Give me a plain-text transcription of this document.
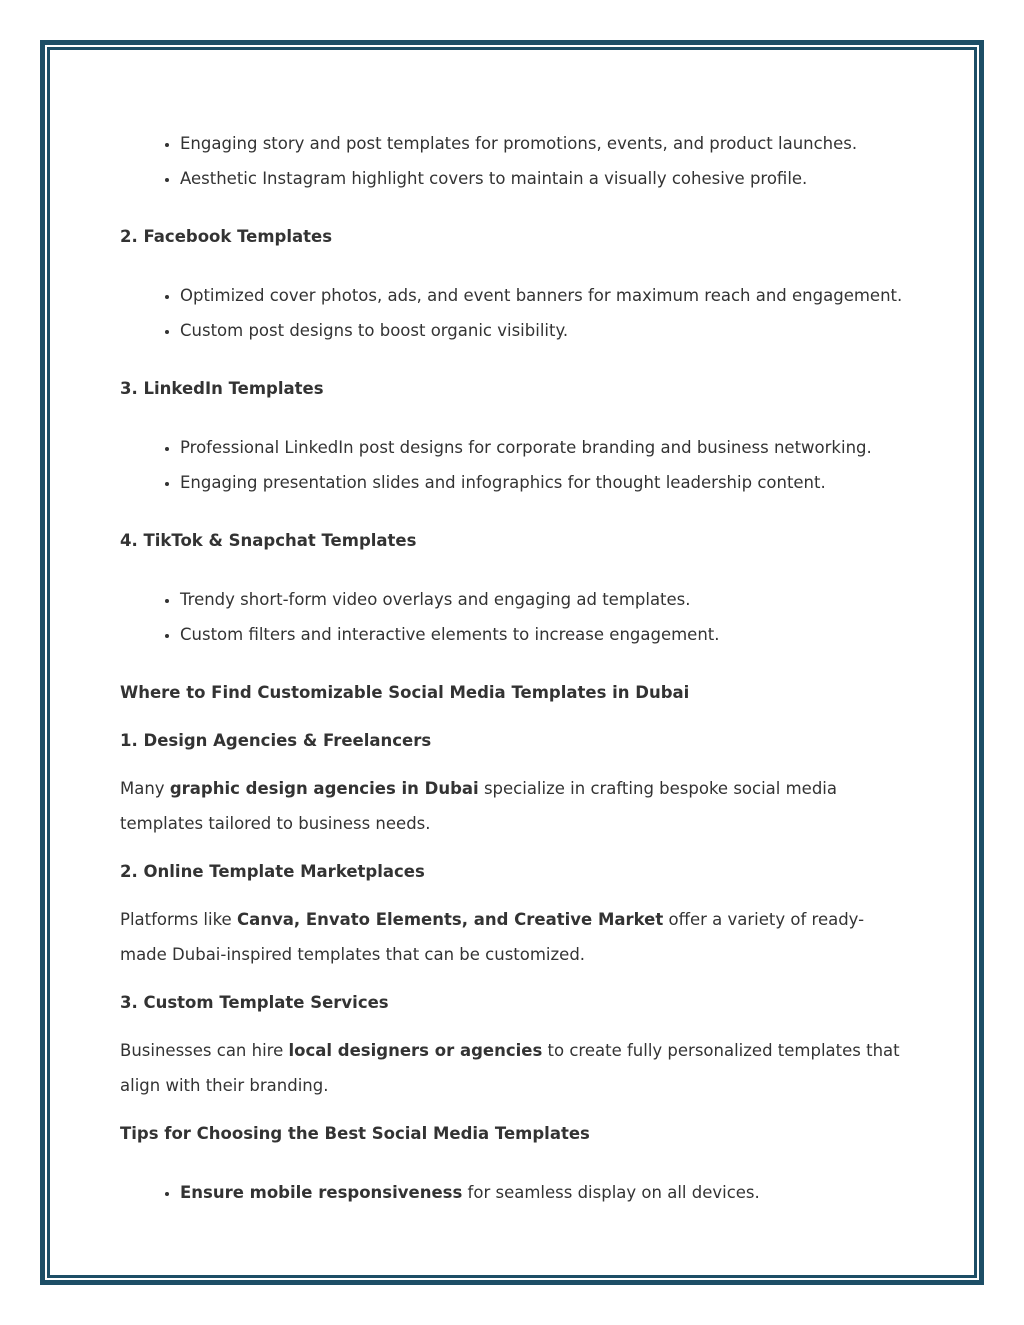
• Engaging story and post templates for promotions, events, and product launches.
• Aesthetic Instagram highlight covers to maintain a visually cohesive profile.

2. Facebook Templates

• Optimized cover photos, ads, and event banners for maximum reach and engagement.
• Custom post designs to boost organic visibility.

3. LinkedIn Templates

• Professional LinkedIn post designs for corporate branding and business networking.
• Engaging presentation slides and infographics for thought leadership content.

4. TikTok & Snapchat Templates

• Trendy short-form video overlays and engaging ad templates.
• Custom filters and interactive elements to increase engagement.

Where to Find Customizable Social Media Templates in Dubai

1. Design Agencies & Freelancers

Many graphic design agencies in Dubai specialize in crafting bespoke social media templates tailored to business needs.

2. Online Template Marketplaces

Platforms like Canva, Envato Elements, and Creative Market offer a variety of ready-made Dubai-inspired templates that can be customized.

3. Custom Template Services

Businesses can hire local designers or agencies to create fully personalized templates that align with their branding.

Tips for Choosing the Best Social Media Templates

• Ensure mobile responsiveness for seamless display on all devices.
